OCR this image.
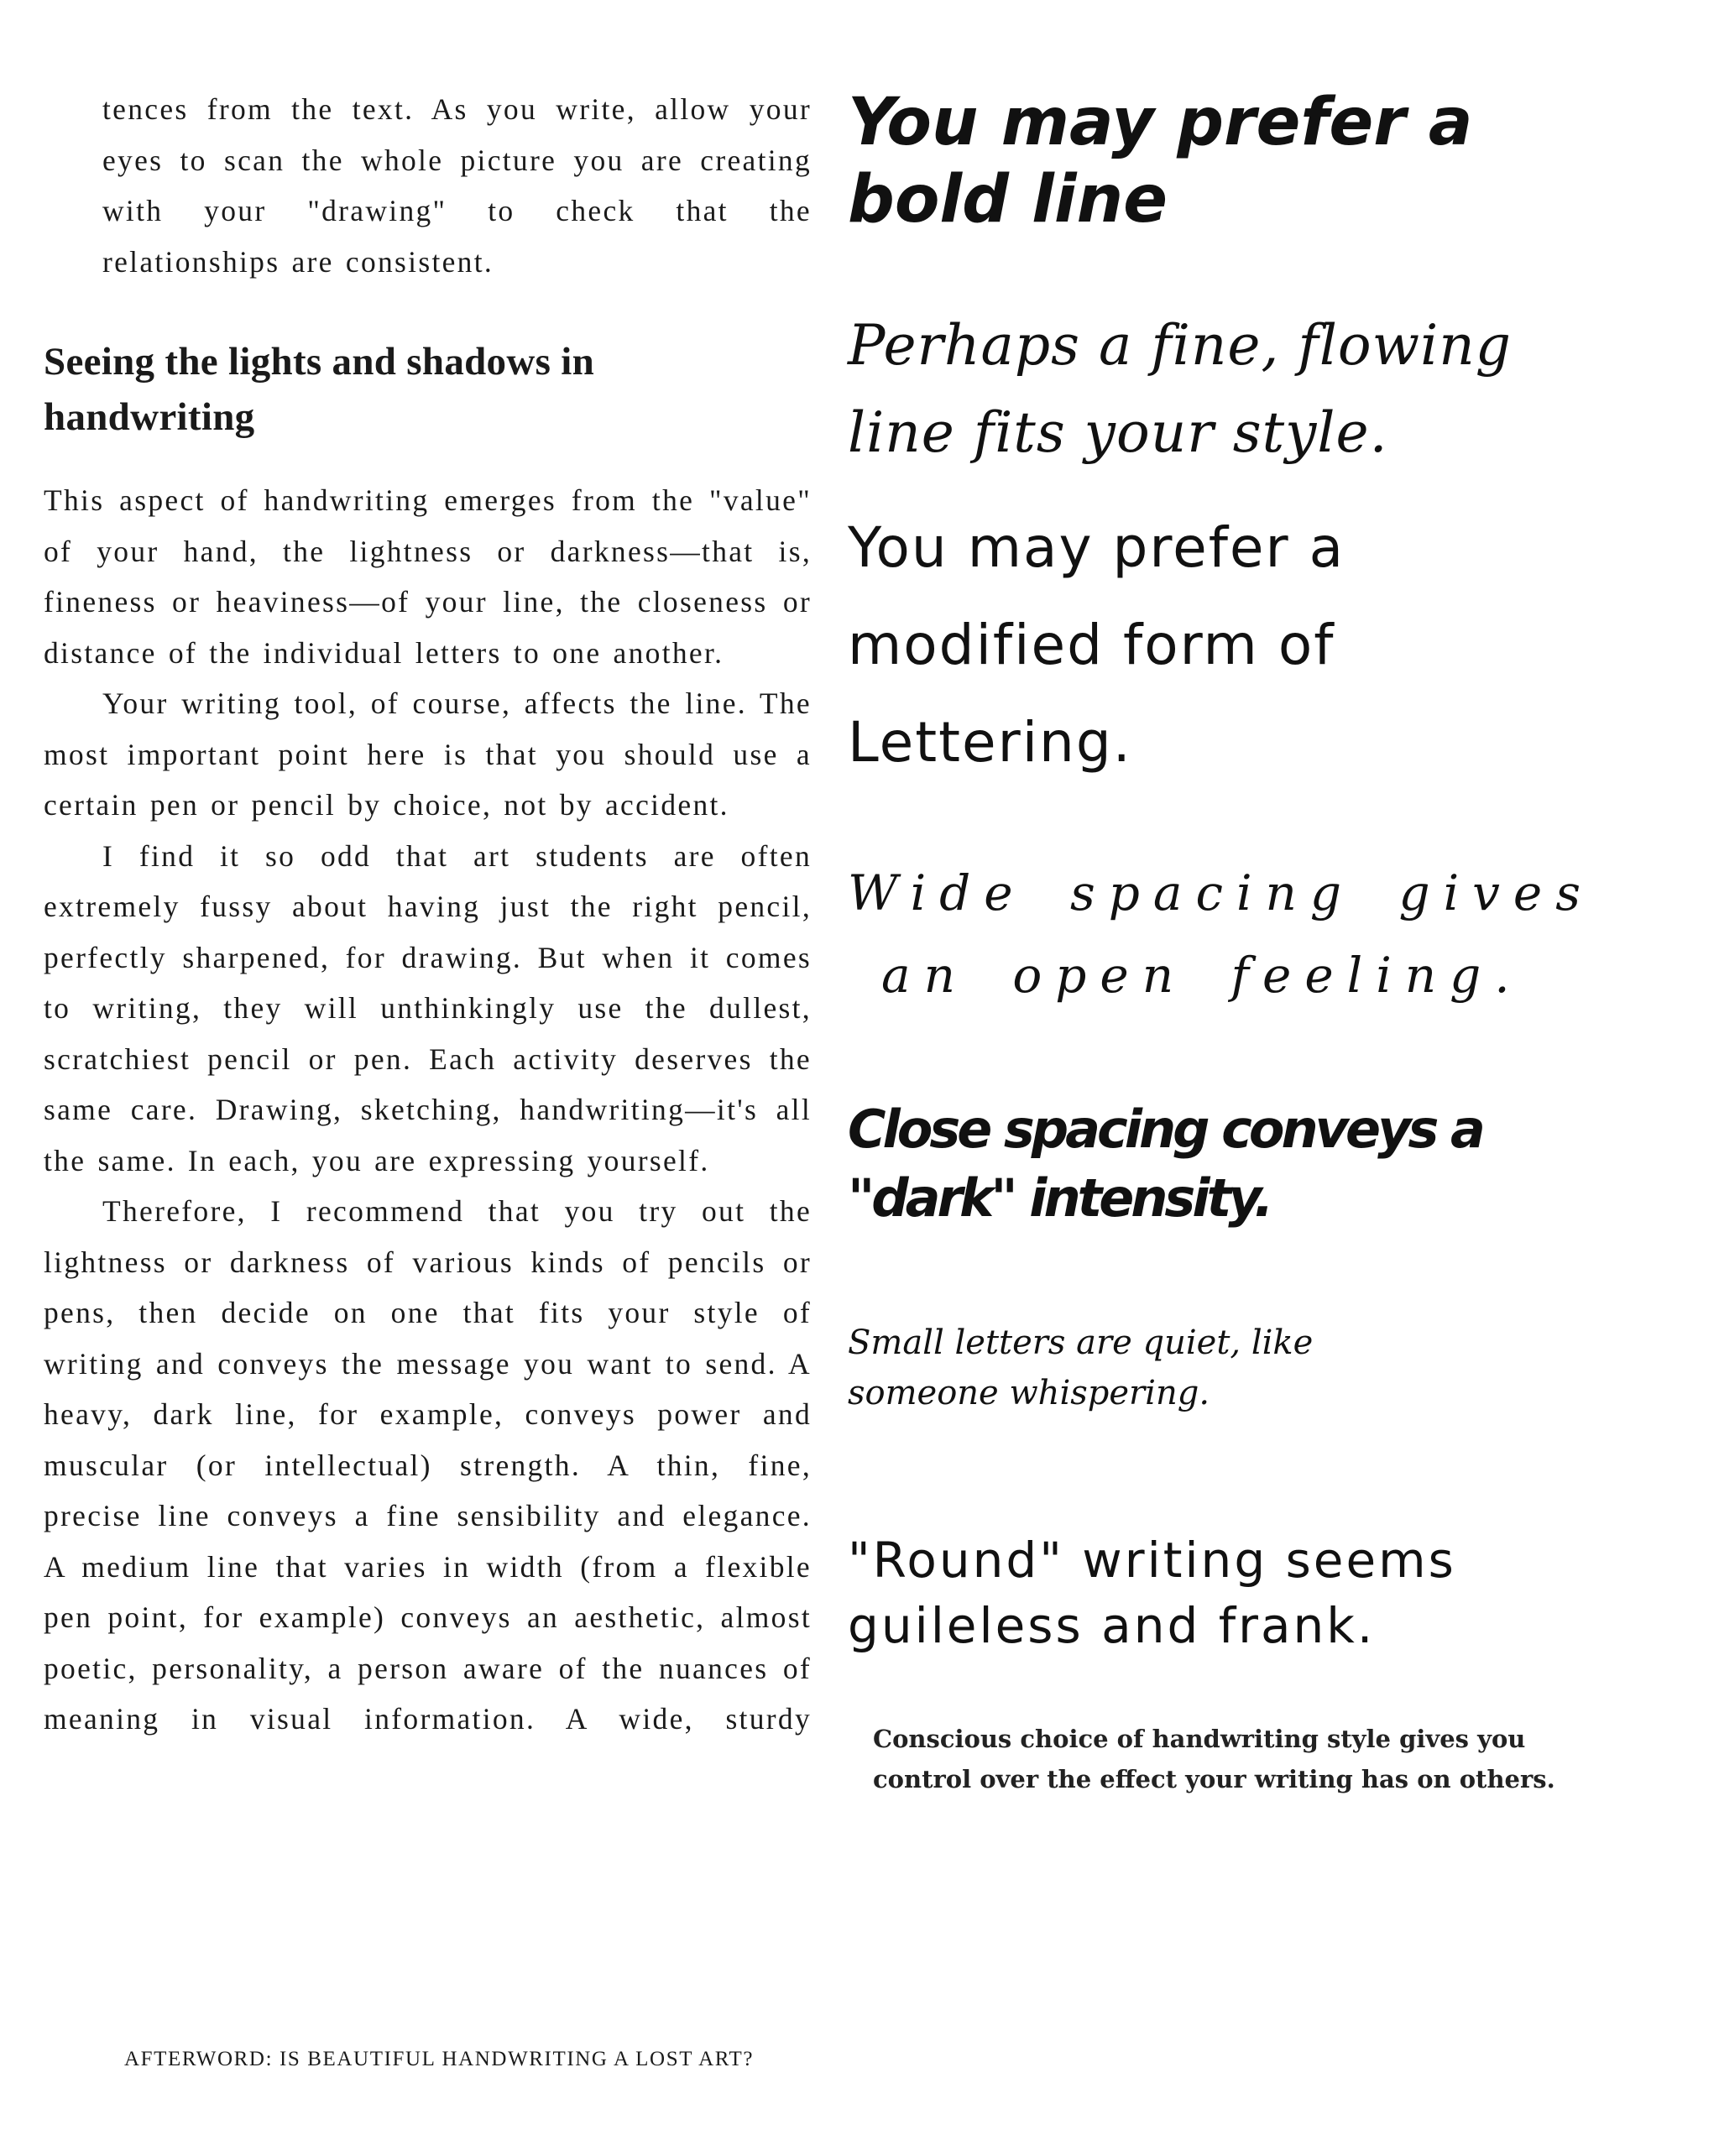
tences from the text. As you write, allow your eyes to scan the whole picture you are creating with your "drawing" to check that the relationships are consistent.

Seeing the lights and shadows in handwriting

This aspect of handwriting emerges from the "value" of your hand, the lightness or darkness—that is, fineness or heaviness—of your line, the closeness or distance of the individual letters to one another.

Your writing tool, of course, affects the line. The most important point here is that you should use a certain pen or pencil by choice, not by accident.

I find it so odd that art students are often extremely fussy about having just the right pencil, perfectly sharpened, for drawing. But when it comes to writing, they will unthinkingly use the dullest, scratchiest pencil or pen. Each activity deserves the same care. Drawing, sketching, handwriting—it's all the same. In each, you are expressing yourself.

Therefore, I recommend that you try out the lightness or darkness of various kinds of pencils or pens, then decide on one that fits your style of writing and conveys the message you want to send. A heavy, dark line, for example, conveys power and muscular (or intellectual) strength. A thin, fine, precise line conveys a fine sensibility and elegance. A medium line that varies in width (from a flexible pen point, for example) conveys an aesthetic, almost poetic, personality, a person aware of the nuances of meaning in visual information. A wide, sturdy

AFTERWORD: IS BEAUTIFUL HANDWRITING A LOST ART?
You may prefer a
bold line
Perhaps a fine, flowing
line fits your style.
You may prefer a
modified form of
Lettering.
Wide spacing gives
an open feeling.
Close spacing conveys a
"dark" intensity.
Small letters are quiet, like
someone whispering.
"Round" writing seems
guileless and frank.
Conscious choice of handwriting style gives you control over the effect your writing has on others.
